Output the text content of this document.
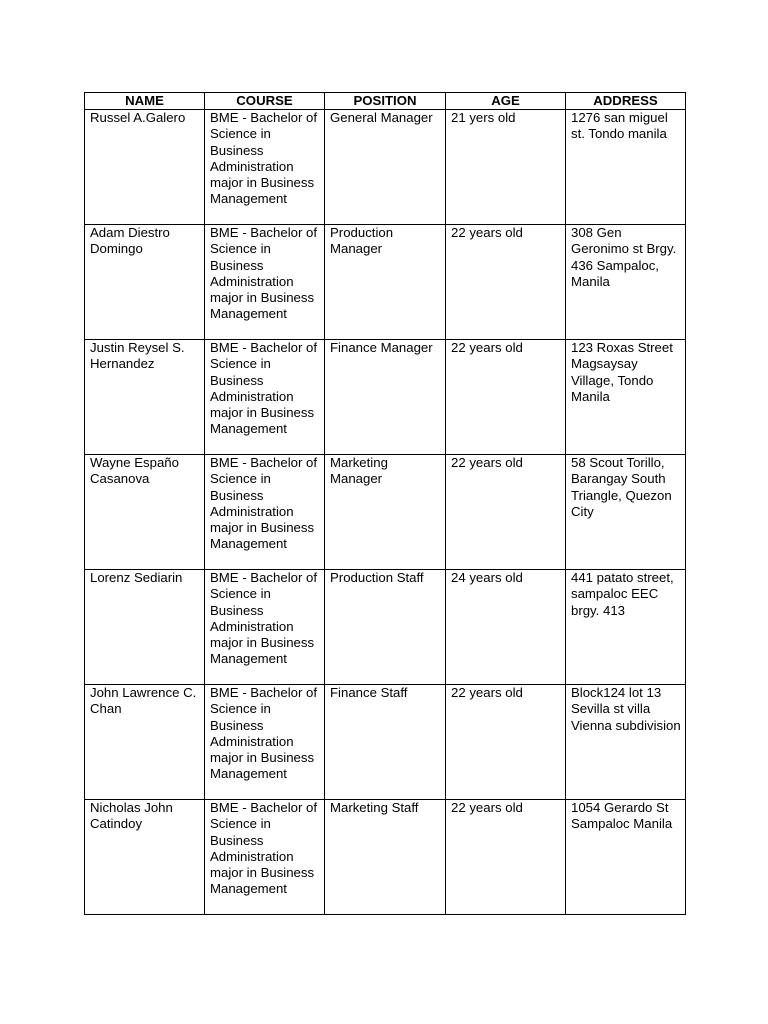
NAME	COURSE	POSITION	AGE	ADDRESS
Russel A.Galero	BME - Bachelor of Science in Business Administration major in Business Management	General Manager	21 yers old	1276 san miguel st. Tondo manila
Adam Diestro Domingo	BME - Bachelor of Science in Business Administration major in Business Management	Production Manager	22 years old	308 Gen Geronimo st Brgy. 436 Sampaloc, Manila
Justin Reysel S. Hernandez	BME - Bachelor of Science in Business Administration major in Business Management	Finance Manager	22 years old	123 Roxas Street Magsaysay Village, Tondo Manila
Wayne Españo Casanova	BME - Bachelor of Science in Business Administration major in Business Management	Marketing Manager	22 years old	58 Scout Torillo, Barangay South Triangle, Quezon City
Lorenz Sediarin	BME - Bachelor of Science in Business Administration major in Business Management	Production Staff	24 years old	441 patato street, sampaloc EEC brgy. 413
John Lawrence C. Chan	BME - Bachelor of Science in Business Administration major in Business Management	Finance Staff	22 years old	Block124 lot 13 Sevilla st villa Vienna subdivision
Nicholas John Catindoy	BME - Bachelor of Science in Business Administration major in Business Management	Marketing Staff	22 years old	1054 Gerardo St Sampaloc Manila
